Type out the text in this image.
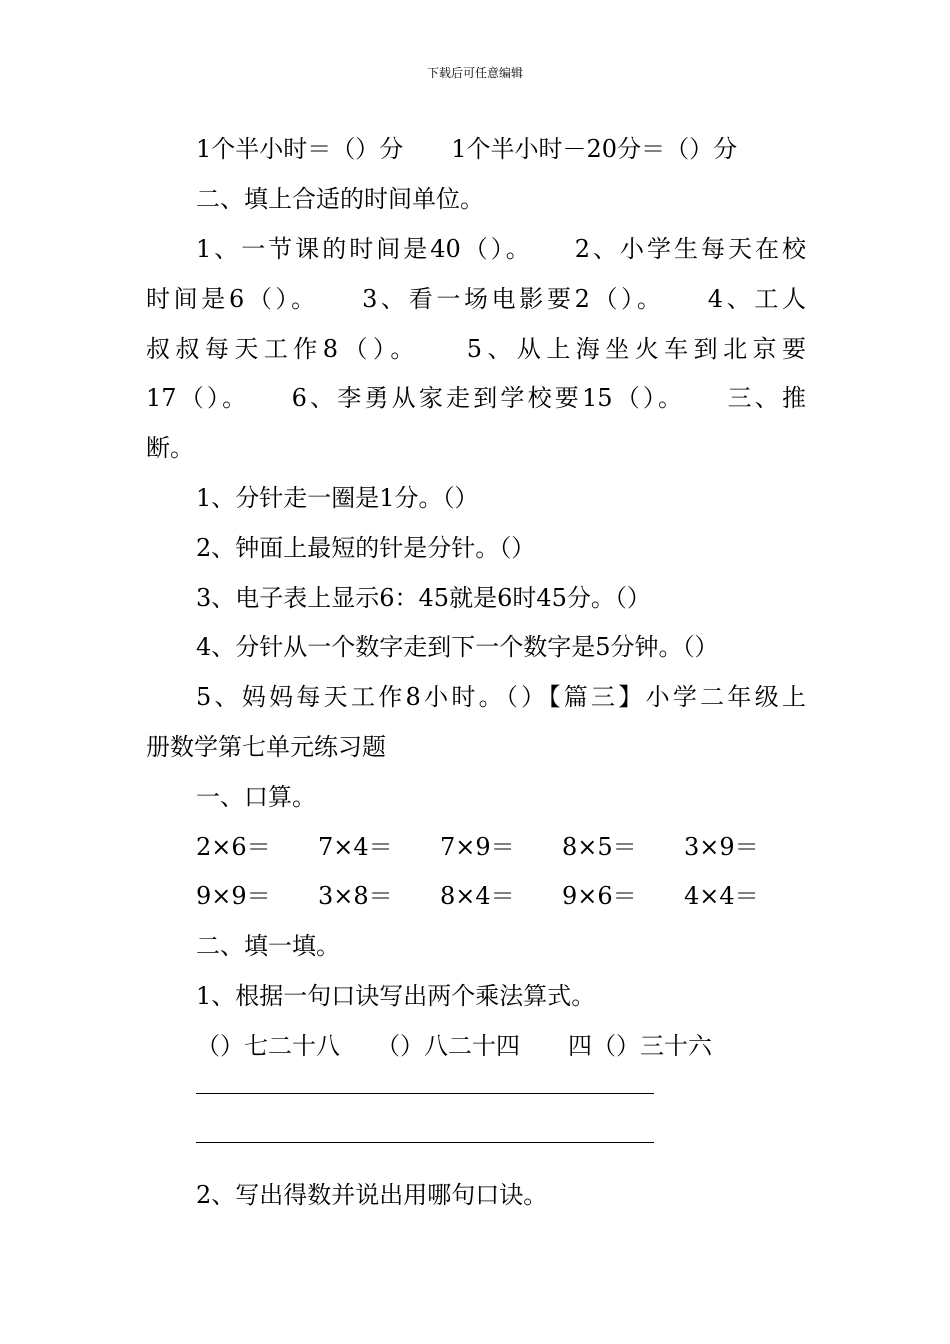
下载后可任意编辑
1个半小时＝（）分　　1个半小时－20分＝（）分
二、填上合适的时间单位。
1、一节课的时间是40（）。　　2、小学生每天在校
时间是6（）。　　3、看一场电影要2（）。　　4、工人
叔叔每天工作8（）。　　5、从上海坐火车到北京要
17（）。　　6、李勇从家走到学校要15（）。　　三、推
断。
1、分针走一圈是1分。（）
2、钟面上最短的针是分针。（）
3、电子表上显示6：45就是6时45分。（）
4、分针从一个数字走到下一个数字是5分钟。（）
5、妈妈每天工作8小时。（）【篇三】小学二年级上
册数学第七单元练习题
一、口算。
2×6＝	7×4＝	7×9＝	8×5＝	3×9＝
9×9＝	3×8＝	8×4＝	9×6＝	4×4＝
二、填一填。
1、根据一句口诀写出两个乘法算式。
（）七二十八　　（）八二十四　　四（）三十六
2、写出得数并说出用哪句口诀。
